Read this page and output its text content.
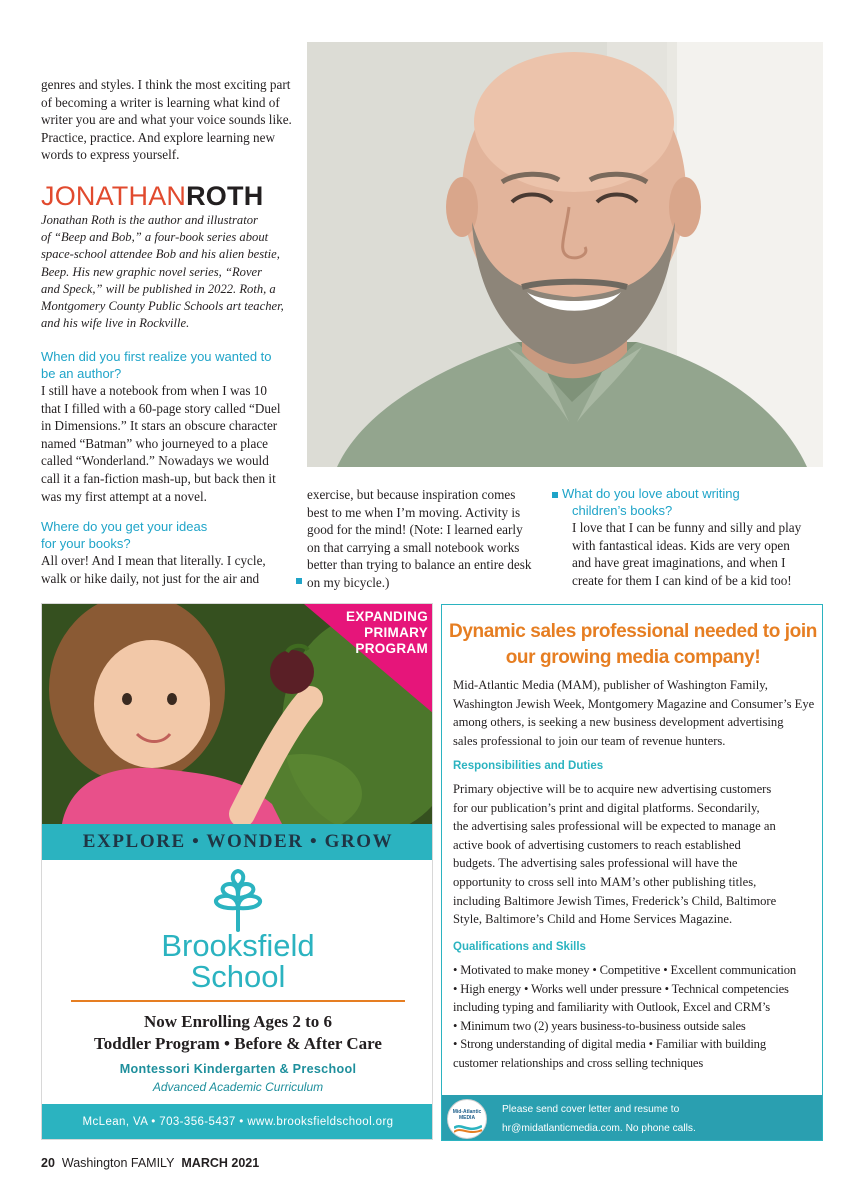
genres and styles. I think the most exciting part

of becoming a writer is learning what kind of

writer you are and what your voice sounds like.

Practice, practice. And explore learning new

words to express yourself.

JONATHANROTH

Jonathan Roth is the author and illustrator

of “Beep and Bob,” a four-book series about

space-school attendee Bob and his alien bestie,

Beep. His new graphic novel series, “Rover

and Speck,” will be published in 2022. Roth, a

Montgomery County Public Schools art teacher,

and his wife live in Rockville.

When did you first realize you wanted to

be an author?

I still have a notebook from when I was 10

that I filled with a 60-page story called “Duel

in Dimensions.” It stars an obscure character

named “Batman” who journeyed to a place

called “Wonderland.” Nowadays we would

call it a fan-fiction mash-up, but back then it

was my first attempt at a novel.

Where do you get your ideas

for your books?

All over! And I mean that literally. I cycle,

walk or hike daily, not just for the air and

exercise, but because inspiration comes

best to me when I’m moving. Activity is

good for the mind! (Note: I learned early

on that carrying a small notebook works

better than trying to balance an entire desk

on my bicycle.)

What do you love about writing

children’s books?

I love that I can be funny and silly and play

with fantastical ideas. Kids are very open

and have great imaginations, and when I

create for them I can kind of be a kid too!

EXPANDING
PRIMARY
PROGRAM
EXPLORE • WONDER • GROW
Brooksfield
School
Now Enrolling Ages 2 to 6
Toddler Program • Before & After Care
Montessori Kindergarten & Preschool
Advanced Academic Curriculum
McLean, VA • 703-356-5437 • www.brooksfieldschool.org
Dynamic sales professional needed to join
our growing media company!

Mid-Atlantic Media (MAM), publisher of Washington Family,

Washington Jewish Week, Montgomery Magazine and Consumer’s Eye

among others, is seeking a new business development advertising

sales professional to join our team of revenue hunters.

Responsibilities and Duties

Primary objective will be to acquire new advertising customers

for our publication’s print and digital platforms. Secondarily,

the advertising sales professional will be expected to manage an

active book of advertising customers to reach established

budgets. The advertising sales professional will have the

opportunity to cross sell into MAM’s other publishing titles,

including Baltimore Jewish Times, Frederick’s Child, Baltimore

Style, Baltimore’s Child and Home Services Magazine.

Qualifications and Skills

• Motivated to make money • Competitive • Excellent communication

• High energy • Works well under pressure • Technical competencies

including typing and familiarity with Outlook, Excel and CRM’s

• Minimum two (2) years business-to-business outside sales

• Strong understanding of digital media • Familiar with building

customer relationships and cross selling techniques

Mid-Atlantic MEDIA
Please send cover letter and resume to
hr@midatlanticmedia.com. No phone calls.
20 Washington FAMILY MARCH 2021
